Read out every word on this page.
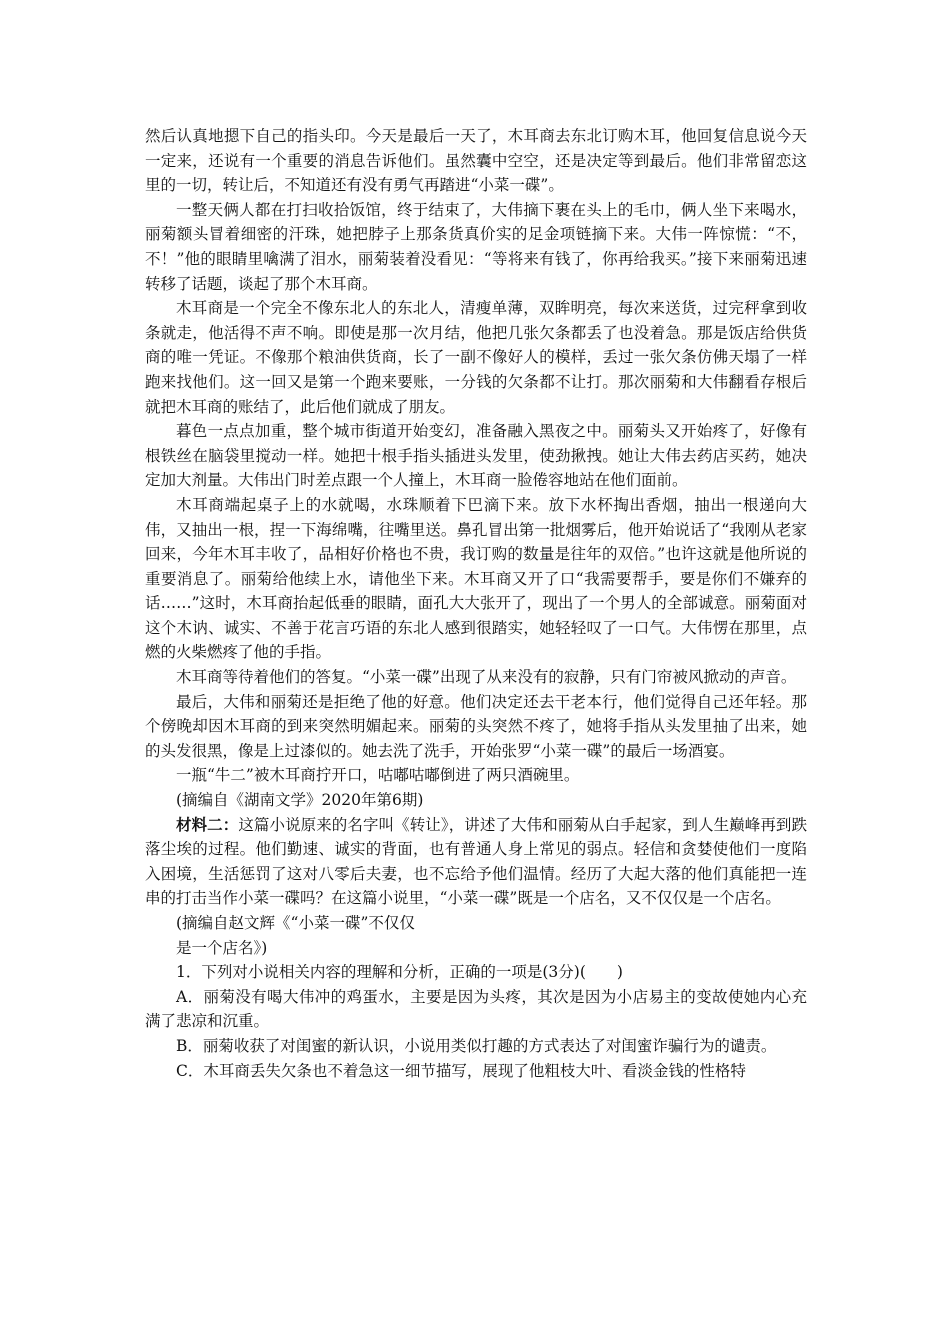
然后认真地摁下自己的指头印。今天是最后一天了，木耳商去东北订购木耳，他回复信息说今天一定来，还说有一个重要的消息告诉他们。虽然囊中空空，还是决定等到最后。他们非常留恋这里的一切，转让后，不知道还有没有勇气再踏进“小菜一碟”。

一整天俩人都在打扫收拾饭馆，终于结束了，大伟摘下裹在头上的毛巾，俩人坐下来喝水，丽菊额头冒着细密的汗珠，她把脖子上那条货真价实的足金项链摘下来。大伟一阵惊慌：“不，不！”他的眼睛里噙满了泪水，丽菊装着没看见：“等将来有钱了，你再给我买。”接下来丽菊迅速转移了话题，谈起了那个木耳商。

木耳商是一个完全不像东北人的东北人，清瘦单薄，双眸明亮，每次来送货，过完秤拿到收条就走，他活得不声不响。即使是那一次月结，他把几张欠条都丢了也没着急。那是饭店给供货商的唯一凭证。不像那个粮油供货商，长了一副不像好人的模样，丢过一张欠条仿佛天塌了一样跑来找他们。这一回又是第一个跑来要账，一分钱的欠条都不让打。那次丽菊和大伟翻看存根后就把木耳商的账结了，此后他们就成了朋友。

暮色一点点加重，整个城市街道开始变幻，准备融入黑夜之中。丽菊头又开始疼了，好像有根铁丝在脑袋里搅动一样。她把十根手指头插进头发里，使劲揪拽。她让大伟去药店买药，她决定加大剂量。大伟出门时差点跟一个人撞上，木耳商一脸倦容地站在他们面前。

木耳商端起桌子上的水就喝，水珠顺着下巴滴下来。放下水杯掏出香烟，抽出一根递向大伟，又抽出一根，捏一下海绵嘴，往嘴里送。鼻孔冒出第一批烟雾后，他开始说话了“我刚从老家回来，今年木耳丰收了，品相好价格也不贵，我订购的数量是往年的双倍。”也许这就是他所说的重要消息了。丽菊给他续上水，请他坐下来。木耳商又开了口“我需要帮手，要是你们不嫌弃的话……”这时，木耳商抬起低垂的眼睛，面孔大大张开了，现出了一个男人的全部诚意。丽菊面对这个木讷、诚实、不善于花言巧语的东北人感到很踏实，她轻轻叹了一口气。大伟愣在那里，点燃的火柴燃疼了他的手指。

木耳商等待着他们的答复。“小菜一碟”出现了从来没有的寂静，只有门帘被风掀动的声音。

最后，大伟和丽菊还是拒绝了他的好意。他们决定还去干老本行，他们觉得自己还年轻。那个傍晚却因木耳商的到来突然明媚起来。丽菊的头突然不疼了，她将手指从头发里抽了出来，她的头发很黑，像是上过漆似的。她去洗了洗手，开始张罗“小菜一碟”的最后一场酒宴。

一瓶“牛二”被木耳商拧开口，咕嘟咕嘟倒进了两只酒碗里。

(摘编自《湖南文学》2020年第6期)

材料二：这篇小说原来的名字叫《转让》，讲述了大伟和丽菊从白手起家，到人生巅峰再到跌落尘埃的过程。他们勤速、诚实的背面，也有普通人身上常见的弱点。轻信和贪婪使他们一度陷入困境，生活惩罚了这对八零后夫妻，也不忘给予他们温情。经历了大起大落的他们真能把一连串的打击当作小菜一碟吗？在这篇小说里，“小菜一碟”既是一个店名，又不仅仅是一个店名。

(摘编自赵文辉《“小菜一碟”不仅仅

是一个店名》)

1．下列对小说相关内容的理解和分析，正确的一项是(3分)(　　)

A．丽菊没有喝大伟冲的鸡蛋水，主要是因为头疼，其次是因为小店易主的变故使她内心充满了悲凉和沉重。

B．丽菊收获了对闺蜜的新认识，小说用类似打趣的方式表达了对闺蜜诈骗行为的谴责。

C．木耳商丢失欠条也不着急这一细节描写，展现了他粗枝大叶、看淡金钱的性格特
